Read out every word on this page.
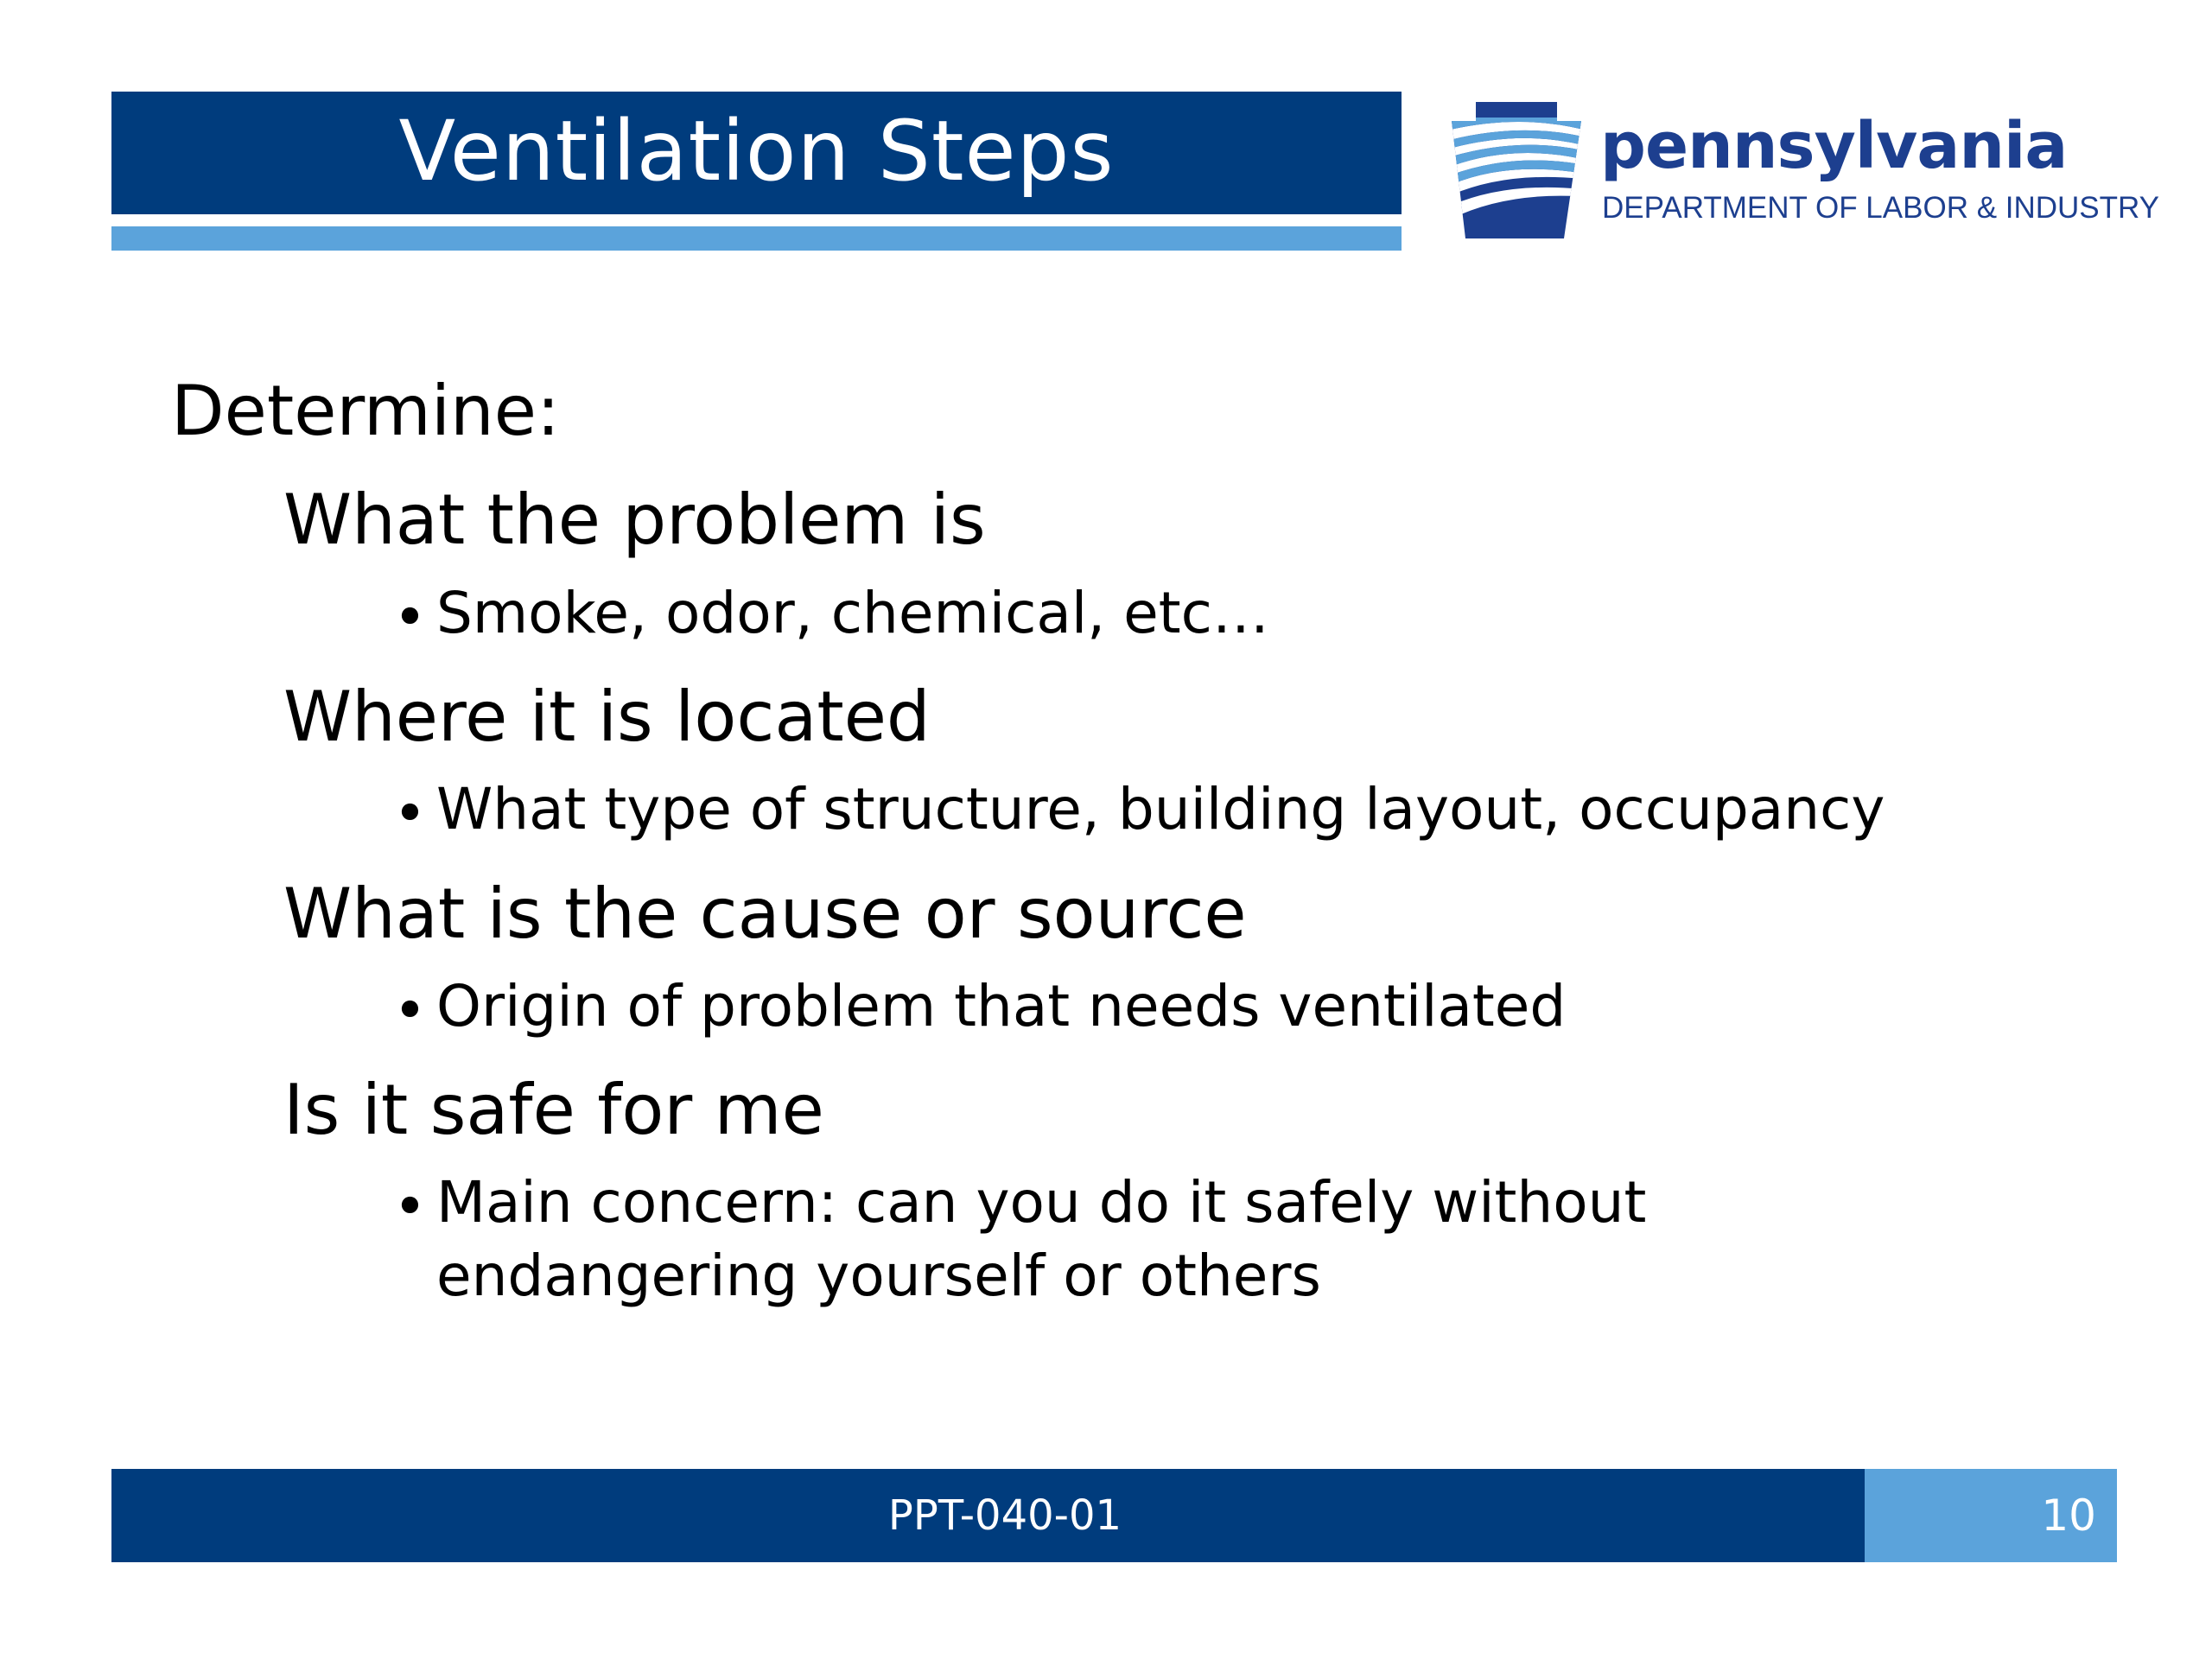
Ventilation Steps	pennsylvania
DEPARTMENT OF LABOR & INDUSTRY
Determine:
What the problem is
• Smoke, odor, chemical, etc…
Where it is located
• What type of structure, building layout, occupancy
What is the cause or source
• Origin of problem that needs ventilated
Is it safe for me
• Main concern: can you do it safely without
endangering yourself or others
PPT-040-01	10
